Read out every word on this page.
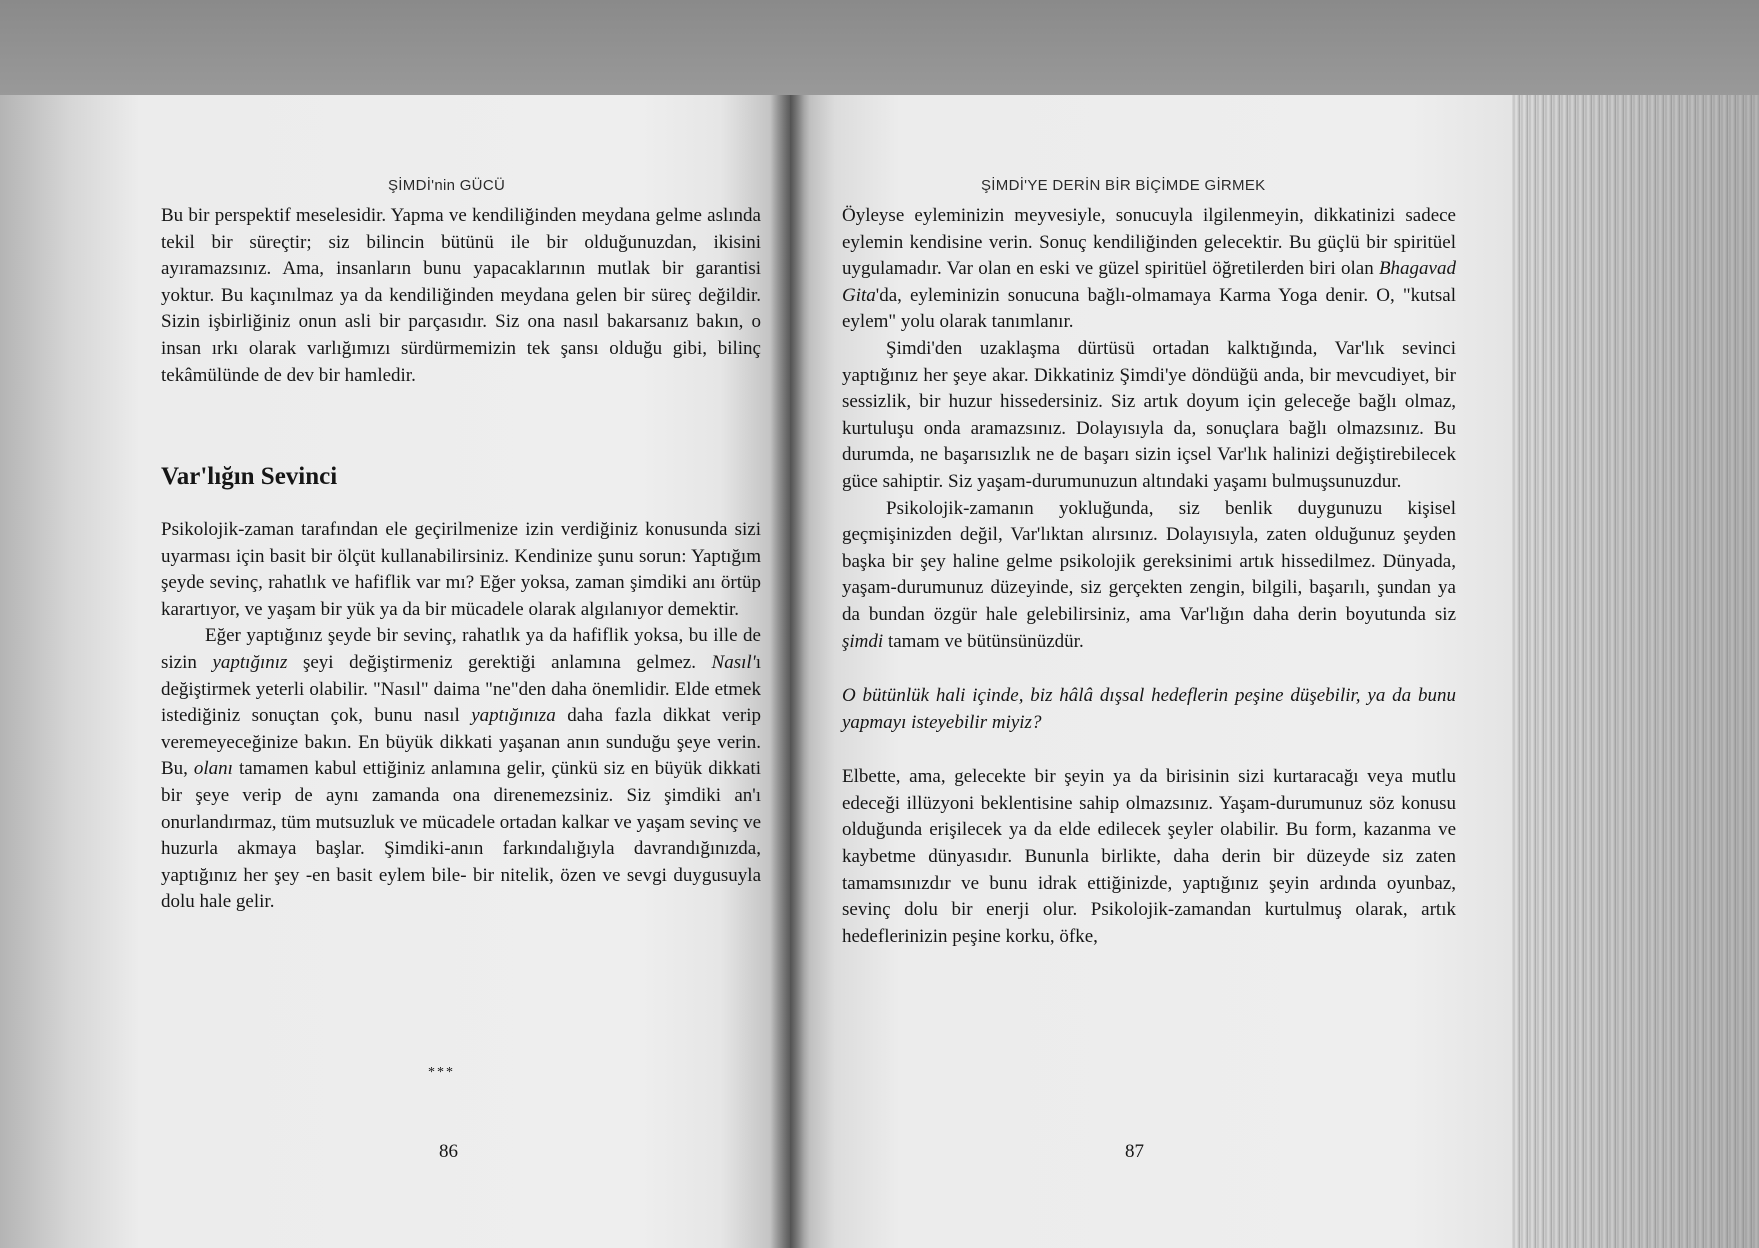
ŞİMDİ'nin GÜCÜ

Bu bir perspektif meselesidir. Yapma ve kendiliğinden meydana gelme aslında tekil bir süreçtir; siz bilincin bütünü ile bir olduğunuzdan, ikisini ayıramazsınız. Ama, insanların bunu yapacaklarının mutlak bir garantisi yoktur. Bu kaçınılmaz ya da kendiliğinden meydana gelen bir süreç değildir. Sizin işbirliğiniz onun asli bir parçasıdır. Siz ona nasıl bakarsanız bakın, o insan ırkı olarak varlığımızı sürdürmemizin tek şansı olduğu gibi, bilinç tekâmülünde de dev bir hamledir.

Var'lığın Sevinci

Psikolojik-zaman tarafından ele geçirilmenize izin verdiğiniz konusunda sizi uyarması için basit bir ölçüt kullanabilirsiniz. Kendinize şunu sorun: Yaptığım şeyde sevinç, rahatlık ve hafiflik var mı? Eğer yoksa, zaman şimdiki anı örtüp karartıyor, ve yaşam bir yük ya da bir mücadele olarak algılanıyor demektir.

Eğer yaptığınız şeyde bir sevinç, rahatlık ya da hafiflik yoksa, bu ille de sizin yaptığınız şeyi değiştirmeniz gerektiği anlamına gelmez. Nasıl'ı değiştirmek yeterli olabilir. "Nasıl" daima "ne"den daha önemlidir. Elde etmek istediğiniz sonuçtan çok, bunu nasıl yaptığınıza daha fazla dikkat verip veremeyeceğinize bakın. En büyük dikkati yaşanan anın sunduğu şeye verin. Bu, olanı tamamen kabul ettiğiniz anlamına gelir, çünkü siz en büyük dikkati bir şeye verip de aynı zamanda ona direnemezsiniz. Siz şimdiki an'ı onurlandırmaz, tüm mutsuzluk ve mücadele ortadan kalkar ve yaşam sevinç ve huzurla akmaya başlar. Şimdiki-anın farkındalığıyla davrandığınızda, yaptığınız her şey -en basit eylem bile- bir nitelik, özen ve sevgi duygusuyla dolu hale gelir.

***
86
ŞİMDİ'YE DERİN BİR BİÇİMDE GİRMEK

Öyleyse eyleminizin meyvesiyle, sonucuyla ilgilenmeyin, dikkatinizi sadece eylemin kendisine verin. Sonuç kendiliğinden gelecektir. Bu güçlü bir spiritüel uygulamadır. Var olan en eski ve güzel spiritüel öğretilerden biri olan Bhagavad Gita'da, eyleminizin sonucuna bağlı-olmamaya Karma Yoga denir. O, "kutsal eylem" yolu olarak tanımlanır.

Şimdi'den uzaklaşma dürtüsü ortadan kalktığında, Var'lık sevinci yaptığınız her şeye akar. Dikkatiniz Şimdi'ye döndüğü anda, bir mevcudiyet, bir sessizlik, bir huzur hissedersiniz. Siz artık doyum için geleceğe bağlı olmaz, kurtuluşu onda aramazsınız. Dolayısıyla da, sonuçlara bağlı olmazsınız. Bu durumda, ne başarısızlık ne de başarı sizin içsel Var'lık halinizi değiştirebilecek güce sahiptir. Siz yaşam-durumunuzun altındaki yaşamı bulmuşsunuzdur.

Psikolojik-zamanın yokluğunda, siz benlik duygunuzu kişisel geçmişinizden değil, Var'lıktan alırsınız. Dolayısıyla, zaten olduğunuz şeyden başka bir şey haline gelme psikolojik gereksinimi artık hissedilmez. Dünyada, yaşam-durumunuz düzeyinde, siz gerçekten zengin, bilgili, başarılı, şundan ya da bundan özgür hale gelebilirsiniz, ama Var'lığın daha derin boyutunda siz şimdi tamam ve bütünsünüzdür.

O bütünlük hali içinde, biz hâlâ dışsal hedeflerin peşine düşebilir, ya da bunu yapmayı isteyebilir miyiz?

Elbette, ama, gelecekte bir şeyin ya da birisinin sizi kurtaracağı veya mutlu edeceği illüzyoni beklentisine sahip olmazsınız. Yaşam-durumunuz söz konusu olduğunda erişilecek ya da elde edilecek şeyler olabilir. Bu form, kazanma ve kaybetme dünyasıdır. Bununla birlikte, daha derin bir düzeyde siz zaten tamamsınızdır ve bunu idrak ettiğinizde, yaptığınız şeyin ardında oyunbaz, sevinç dolu bir enerji olur. Psikolojik-zamandan kurtulmuş olarak, artık hedeflerinizin peşine korku, öfke,

87
